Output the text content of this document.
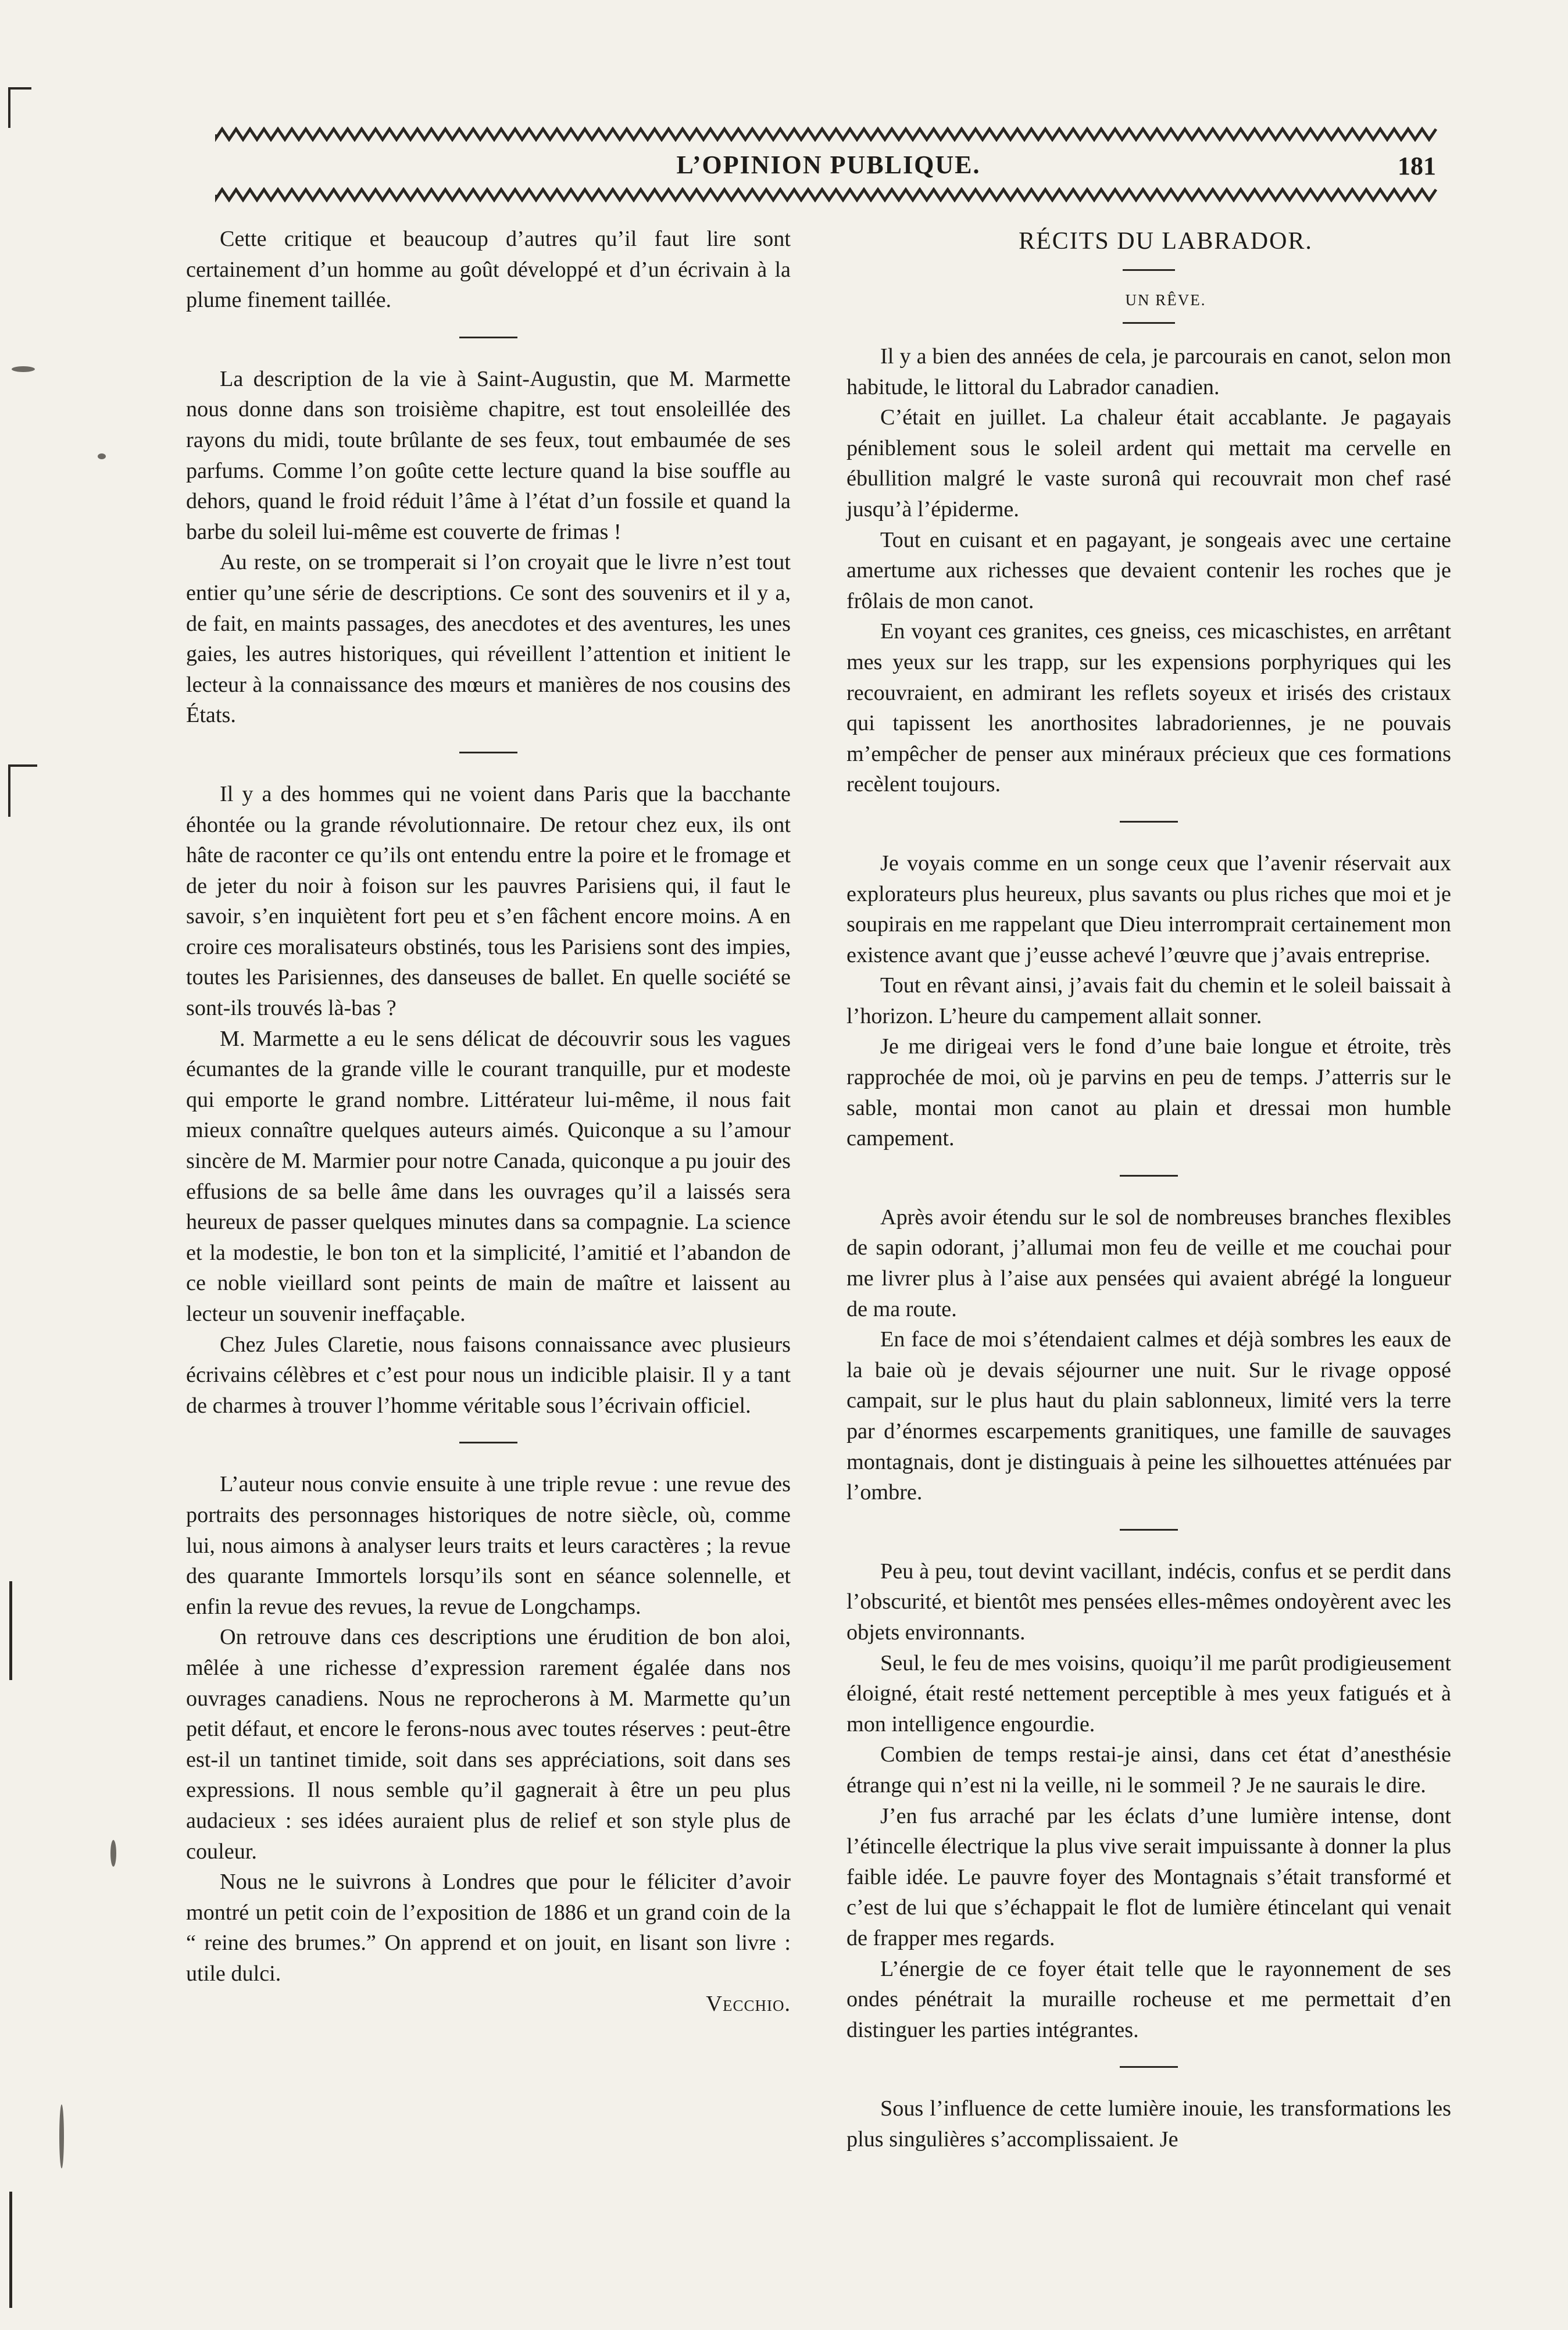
L’OPINION PUBLIQUE.	181

Cette critique et beaucoup d’autres qu’il faut lire sont certainement d’un homme au goût développé et d’un écrivain à la plume finement taillée.

La description de la vie à Saint-Augustin, que M. Marmette nous donne dans son troisième chapitre, est tout ensoleillée des rayons du midi, toute brûlante de ses feux, tout embaumée de ses parfums. Comme l’on goûte cette lecture quand la bise souffle au dehors, quand le froid réduit l’âme à l’état d’un fossile et quand la barbe du soleil lui-même est couverte de frimas !

Au reste, on se tromperait si l’on croyait que le livre n’est tout entier qu’une série de descriptions. Ce sont des souvenirs et il y a, de fait, en maints passages, des anecdotes et des aventures, les unes gaies, les autres historiques, qui réveillent l’attention et initient le lecteur à la connaissance des mœurs et manières de nos cousins des États.

Il y a des hommes qui ne voient dans Paris que la bacchante éhontée ou la grande révolutionnaire. De retour chez eux, ils ont hâte de raconter ce qu’ils ont entendu entre la poire et le fromage et de jeter du noir à foison sur les pauvres Parisiens qui, il faut le savoir, s’en inquiètent fort peu et s’en fâchent encore moins. A en croire ces moralisateurs obstinés, tous les Parisiens sont des impies, toutes les Parisiennes, des danseuses de ballet. En quelle société se sont-ils trouvés là-bas ?

M. Marmette a eu le sens délicat de découvrir sous les vagues écumantes de la grande ville le courant tranquille, pur et modeste qui emporte le grand nombre. Littérateur lui-même, il nous fait mieux connaître quelques auteurs aimés. Quiconque a su l’amour sincère de M. Marmier pour notre Canada, quiconque a pu jouir des effusions de sa belle âme dans les ouvrages qu’il a laissés sera heureux de passer quelques minutes dans sa compagnie. La science et la modestie, le bon ton et la simplicité, l’amitié et l’abandon de ce noble vieillard sont peints de main de maître et laissent au lecteur un souvenir ineffaçable.

Chez Jules Claretie, nous faisons connaissance avec plusieurs écrivains célèbres et c’est pour nous un indicible plaisir. Il y a tant de charmes à trouver l’homme véritable sous l’écrivain officiel.

L’auteur nous convie ensuite à une triple revue : une revue des portraits des personnages historiques de notre siècle, où, comme lui, nous aimons à analyser leurs traits et leurs caractères ; la revue des quarante Immortels lorsqu’ils sont en séance solennelle, et enfin la revue des revues, la revue de Longchamps.

On retrouve dans ces descriptions une érudition de bon aloi, mêlée à une richesse d’expression rarement égalée dans nos ouvrages canadiens. Nous ne reprocherons à M. Marmette qu’un petit défaut, et encore le ferons-nous avec toutes réserves : peut-être est-il un tantinet timide, soit dans ses appréciations, soit dans ses expressions. Il nous semble qu’il gagnerait à être un peu plus audacieux : ses idées auraient plus de relief et son style plus de couleur.

Nous ne le suivrons à Londres que pour le féliciter d’avoir montré un petit coin de l’exposition de 1886 et un grand coin de la “ reine des brumes.” On apprend et on jouit, en lisant son livre : utile dulci.

Vecchio.

RÉCITS DU LABRADOR.

UN RÊVE.

Il y a bien des années de cela, je parcourais en canot, selon mon habitude, le littoral du Labrador canadien.

C’était en juillet. La chaleur était accablante. Je pagayais péniblement sous le soleil ardent qui mettait ma cervelle en ébullition malgré le vaste suronâ qui recouvrait mon chef rasé jusqu’à l’épiderme.

Tout en cuisant et en pagayant, je songeais avec une certaine amertume aux richesses que devaient contenir les roches que je frôlais de mon canot.

En voyant ces granites, ces gneiss, ces micaschistes, en arrêtant mes yeux sur les trapp, sur les expensions porphyriques qui les recouvraient, en admirant les reflets soyeux et irisés des cristaux qui tapissent les anorthosites labradoriennes, je ne pouvais m’empêcher de penser aux minéraux précieux que ces formations recèlent toujours.

Je voyais comme en un songe ceux que l’avenir réservait aux explorateurs plus heureux, plus savants ou plus riches que moi et je soupirais en me rappelant que Dieu interromprait certainement mon existence avant que j’eusse achevé l’œuvre que j’avais entreprise.

Tout en rêvant ainsi, j’avais fait du chemin et le soleil baissait à l’horizon. L’heure du campement allait sonner.

Je me dirigeai vers le fond d’une baie longue et étroite, très rapprochée de moi, où je parvins en peu de temps. J’atterris sur le sable, montai mon canot au plain et dressai mon humble campement.

Après avoir étendu sur le sol de nombreuses branches flexibles de sapin odorant, j’allumai mon feu de veille et me couchai pour me livrer plus à l’aise aux pensées qui avaient abrégé la longueur de ma route.

En face de moi s’étendaient calmes et déjà sombres les eaux de la baie où je devais séjourner une nuit. Sur le rivage opposé campait, sur le plus haut du plain sablonneux, limité vers la terre par d’énormes escarpements granitiques, une famille de sauvages montagnais, dont je distinguais à peine les silhouettes atténuées par l’ombre.

Peu à peu, tout devint vacillant, indécis, confus et se perdit dans l’obscurité, et bientôt mes pensées elles-mêmes ondoyèrent avec les objets environnants.

Seul, le feu de mes voisins, quoiqu’il me parût prodigieusement éloigné, était resté nettement perceptible à mes yeux fatigués et à mon intelligence engourdie.

Combien de temps restai-je ainsi, dans cet état d’anesthésie étrange qui n’est ni la veille, ni le sommeil ? Je ne saurais le dire.

J’en fus arraché par les éclats d’une lumière intense, dont l’étincelle électrique la plus vive serait impuissante à donner la plus faible idée. Le pauvre foyer des Montagnais s’était transformé et c’est de lui que s’échappait le flot de lumière étincelant qui venait de frapper mes regards.

L’énergie de ce foyer était telle que le rayonnement de ses ondes pénétrait la muraille rocheuse et me permettait d’en distinguer les parties intégrantes.

Sous l’influence de cette lumière inouie, les transformations les plus singulières s’accomplissaient. Je
